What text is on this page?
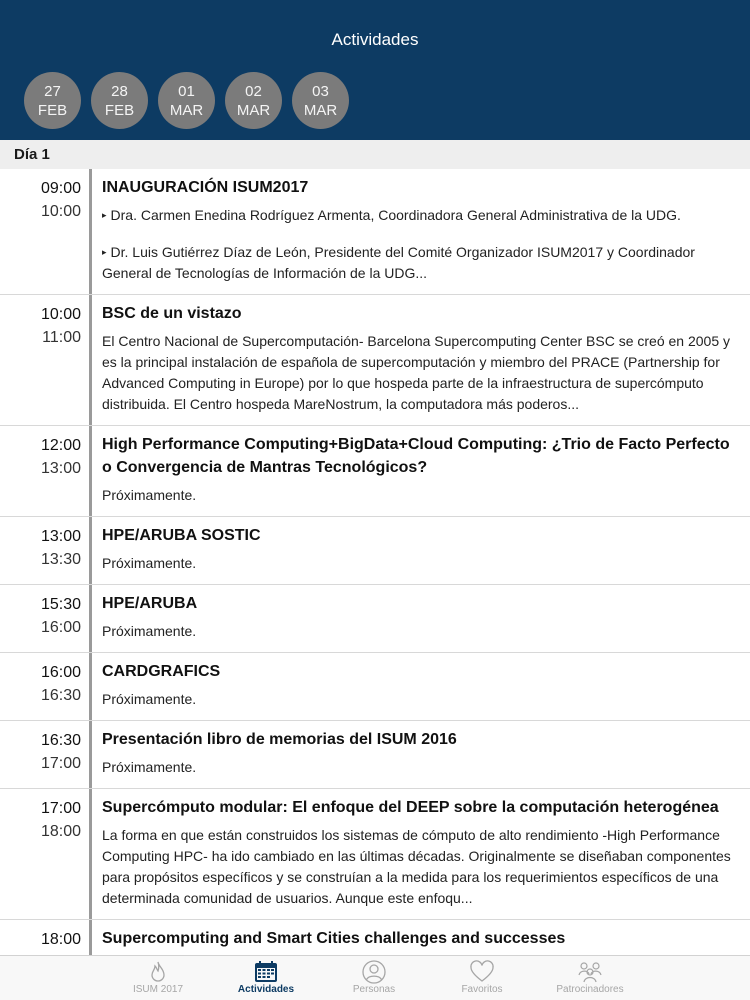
Actividades
27
FEB
28
FEB
01
MAR
02
MAR
03
MAR
Día 1
09:00
10:00
INAUGURACIÓN ISUM2017
▸ Dra. Carmen Enedina Rodríguez Armenta, Coordinadora General Administrativa de la UDG.
▸ Dr. Luis Gutiérrez Díaz de León, Presidente del Comité Organizador ISUM2017 y Coordinador General de Tecnologías de Información de la UDG...
10:00
11:00
BSC de un vistazo
El Centro Nacional de Supercomputación- Barcelona Supercomputing Center BSC se creó en 2005 y es la principal instalación de española de supercomputación y miembro del PRACE (Partnership for Advanced Computing in Europe) por lo que hospeda parte de la infraestructura de supercómputo distribuida. El Centro hospeda MareNostrum, la computadora más poderos...
12:00
13:00
High Performance Computing+BigData+Cloud Computing: ¿Trio de Facto Perfecto o Convergencia de Mantras Tecnológicos?
Próximamente.
13:00
13:30
HPE/ARUBA SOSTIC
Próximamente.
15:30
16:00
HPE/ARUBA
Próximamente.
16:00
16:30
CARDGRAFICS
Próximamente.
16:30
17:00
Presentación libro de memorias del ISUM 2016
Próximamente.
17:00
18:00
Supercómputo modular: El enfoque del DEEP sobre la computación heterogénea
La forma en que están construidos los sistemas de cómputo de alto rendimiento -High Performance Computing HPC- ha ido cambiado en las últimas décadas. Originalmente se diseñaban componentes para propósitos específicos y se construían a la medida para los requerimientos específicos de una determinada comunidad de usuarios. Aunque este enfoqu...
18:00 Supercomputing and Smart Cities challenges and successes
ISUM 2017	Actividades	Personas	Favoritos	Patrocinadores
